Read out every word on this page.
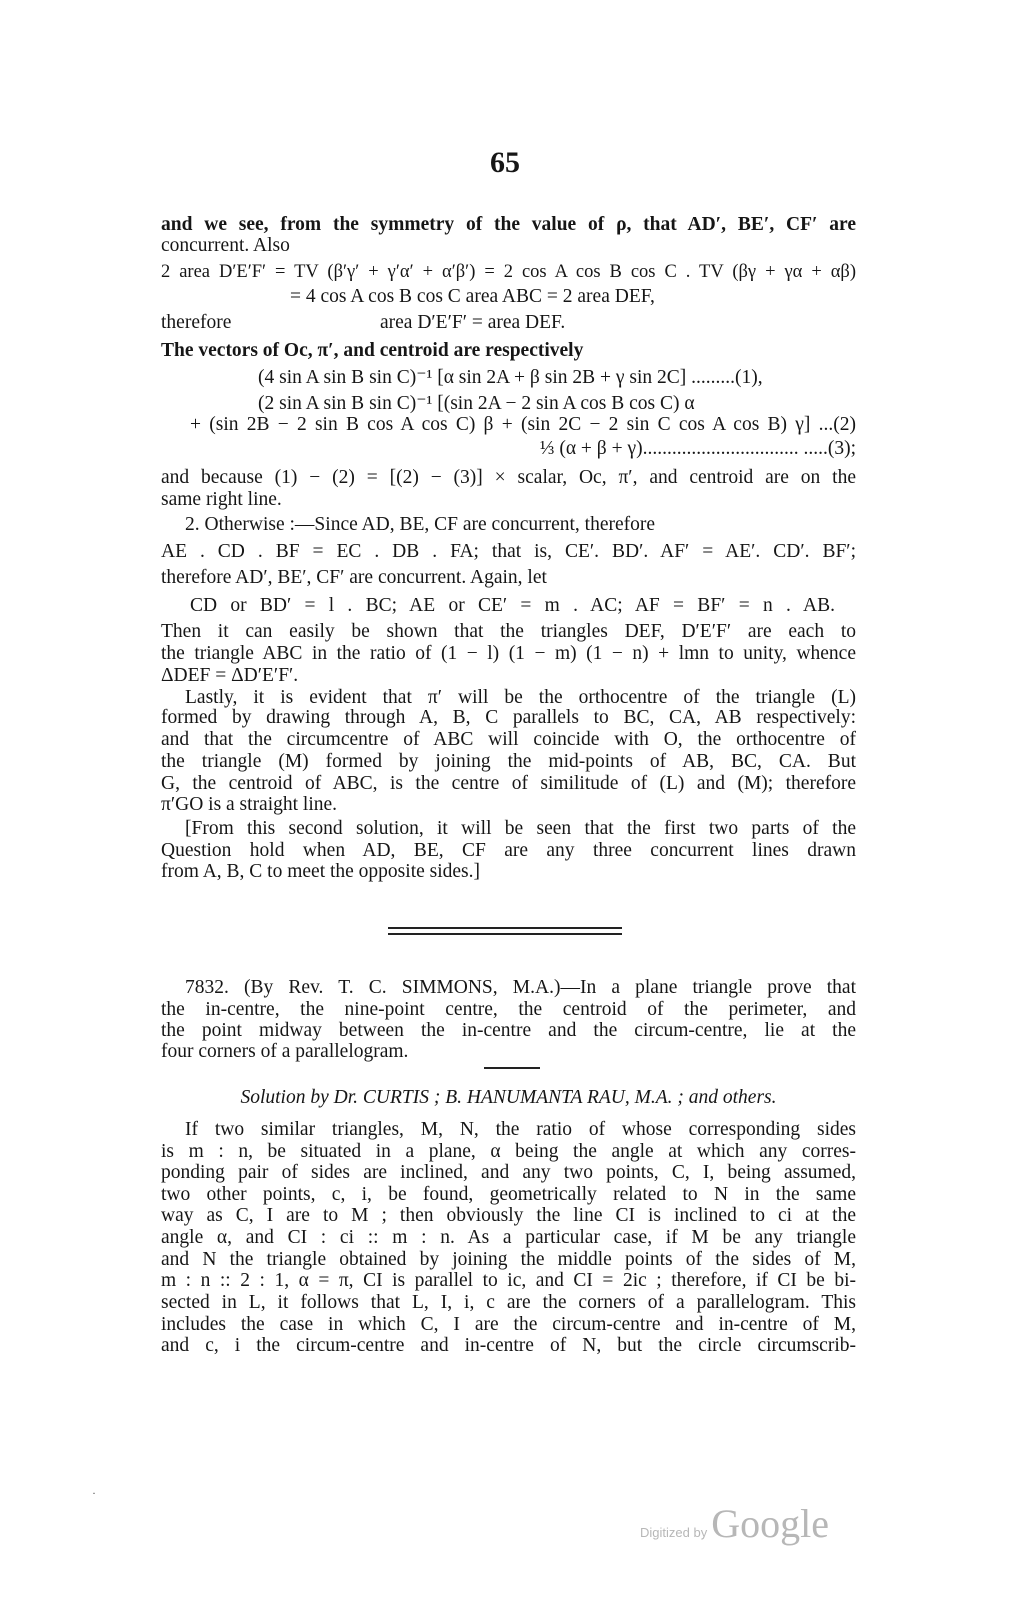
65
and we see, from the symmetry of the value of ρ, that AD′, BE′, CF′ are
concurrent. Also
2 area D′E′F′ = TV (β′γ′ + γ′α′ + α′β′) = 2 cos A cos B cos C . TV (βγ + γα + αβ)
= 4 cos A cos B cos C area ABC = 2 area DEF,
therefore	area D′E′F′ = area DEF.
The vectors of Oc, π′, and centroid are respectively
(4 sin A sin B sin C)⁻¹ [α sin 2A + β sin 2B + γ sin 2C] .........(1),
(2 sin A sin B sin C)⁻¹ [(sin 2A − 2 sin A cos B cos C) α
+ (sin 2B − 2 sin B cos A cos C) β + (sin 2C − 2 sin C cos A cos B) γ] ...(2)
⅓ (α + β + γ)................................ .....(3);
and because (1) − (2) = [(2) − (3)] × scalar, Oc, π′, and centroid are on the
same right line.
2. Otherwise :—Since AD, BE, CF are concurrent, therefore
AE . CD . BF = EC . DB . FA; that is, CE′. BD′. AF′ = AE′. CD′. BF′;
therefore AD′, BE′, CF′ are concurrent. Again, let
CD or BD′ = l . BC; AE or CE′ = m . AC; AF = BF′ = n . AB.
Then it can easily be shown that the triangles DEF, D′E′F′ are each to
the triangle ABC in the ratio of (1 − l) (1 − m) (1 − n) + lmn to unity, whence
ΔDEF = ΔD′E′F′.
Lastly, it is evident that π′ will be the orthocentre of the triangle (L)
formed by drawing through A, B, C parallels to BC, CA, AB respectively:
and that the circumcentre of ABC will coincide with O, the orthocentre of
the triangle (M) formed by joining the mid-points of AB, BC, CA. But
G, the centroid of ABC, is the centre of similitude of (L) and (M); therefore
π′GO is a straight line.
[From this second solution, it will be seen that the first two parts of the
Question hold when AD, BE, CF are any three concurrent lines drawn
from A, B, C to meet the opposite sides.]
7832. (By Rev. T. C. SIMMONS, M.A.)—In a plane triangle prove that
the in-centre, the nine-point centre, the centroid of the perimeter, and
the point midway between the in-centre and the circum-centre, lie at the
four corners of a parallelogram.
Solution by Dr. CURTIS ; B. HANUMANTA RAU, M.A. ; and others.
If two similar triangles, M, N, the ratio of whose corresponding sides
is m : n, be situated in a plane, α being the angle at which any corres-
ponding pair of sides are inclined, and any two points, C, I, being assumed,
two other points, c, i, be found, geometrically related to N in the same
way as C, I are to M ; then obviously the line CI is inclined to ci at the
angle α, and CI : ci :: m : n. As a particular case, if M be any triangle
and N the triangle obtained by joining the middle points of the sides of M,
m : n :: 2 : 1, α = π, CI is parallel to ic, and CI = 2ic ; therefore, if CI be bi-
sected in L, it follows that L, I, i, c are the corners of a parallelogram. This
includes the case in which C, I are the circum-centre and in-centre of M,
and c, i the circum-centre and in-centre of N, but the circle circumscrib-
·
Digitized by Google
